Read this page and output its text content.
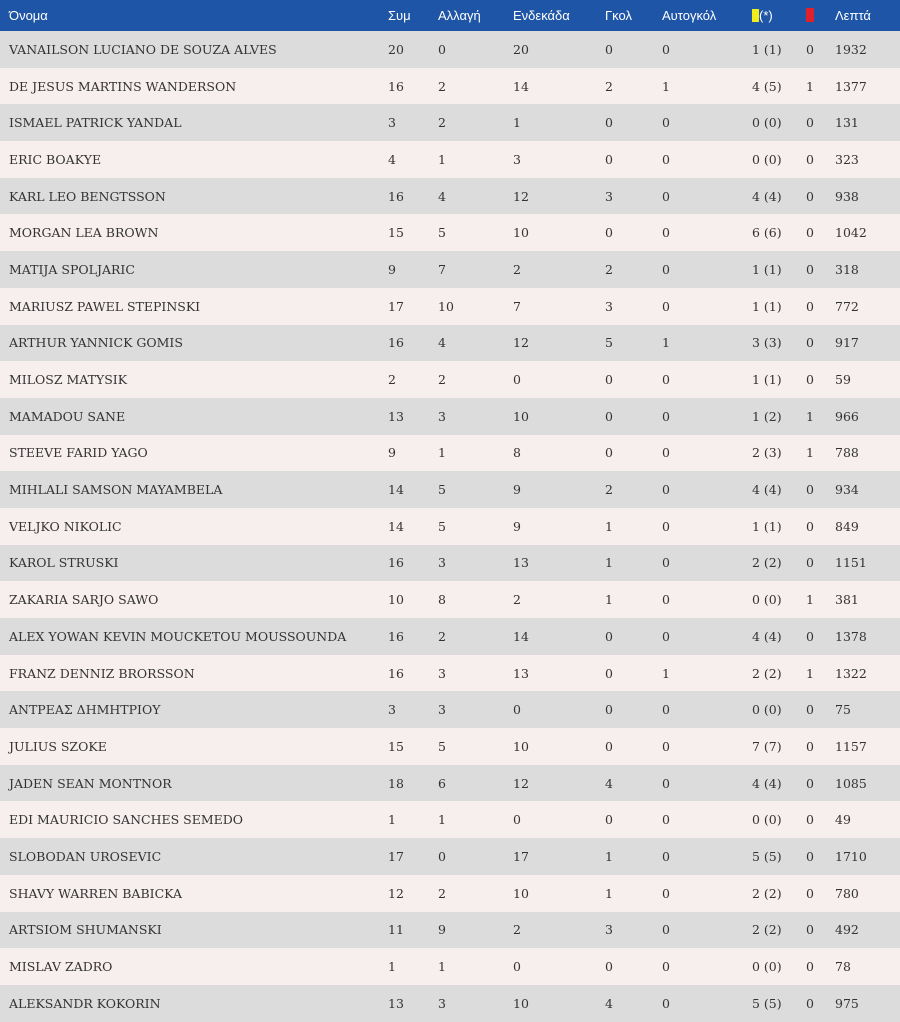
Όνομα	Συμ	Αλλαγή	Ενδεκάδα	Γκολ	Αυτογκόλ	(*)		Λεπτά
VANAILSON LUCIANO DE SOUZA ALVES	20	0	20	0	0	1 (1)	0	1932
DE JESUS MARTINS WANDERSON	16	2	14	2	1	4 (5)	1	1377
ISMAEL PATRICK YANDAL	3	2	1	0	0	0 (0)	0	131
ERIC BOAKYE	4	1	3	0	0	0 (0)	0	323
KARL LEO BENGTSSON	16	4	12	3	0	4 (4)	0	938
MORGAN LEA BROWN	15	5	10	0	0	6 (6)	0	1042
MATIJA SPOLJARIC	9	7	2	2	0	1 (1)	0	318
MARIUSZ PAWEL STEPINSKI	17	10	7	3	0	1 (1)	0	772
ARTHUR YANNICK GOMIS	16	4	12	5	1	3 (3)	0	917
MILOSZ MATYSIK	2	2	0	0	0	1 (1)	0	59
MAMADOU SANE	13	3	10	0	0	1 (2)	1	966
STEEVE FARID YAGO	9	1	8	0	0	2 (3)	1	788
MIHLALI SAMSON MAYAMBELA	14	5	9	2	0	4 (4)	0	934
VELJKO NIKOLIC	14	5	9	1	0	1 (1)	0	849
KAROL STRUSKI	16	3	13	1	0	2 (2)	0	1151
ZAKARIA SARJO SAWO	10	8	2	1	0	0 (0)	1	381
ALEX YOWAN KEVIN MOUCKETOU MOUSSOUNDA	16	2	14	0	0	4 (4)	0	1378
FRANZ DENNIZ BRORSSON	16	3	13	0	1	2 (2)	1	1322
ΑΝΤΡΕΑΣ ΔΗΜΗΤΡΙΟΥ	3	3	0	0	0	0 (0)	0	75
JULIUS SZOKE	15	5	10	0	0	7 (7)	0	1157
JADEN SEAN MONTNOR	18	6	12	4	0	4 (4)	0	1085
EDI MAURICIO SANCHES SEMEDO	1	1	0	0	0	0 (0)	0	49
SLOBODAN UROSEVIC	17	0	17	1	0	5 (5)	0	1710
SHAVY WARREN BABICKA	12	2	10	1	0	2 (2)	0	780
ARTSIOM SHUMANSKI	11	9	2	3	0	2 (2)	0	492
MISLAV ZADRO	1	1	0	0	0	0 (0)	0	78
ALEKSANDR KOKORIN	13	3	10	4	0	5 (5)	0	975
